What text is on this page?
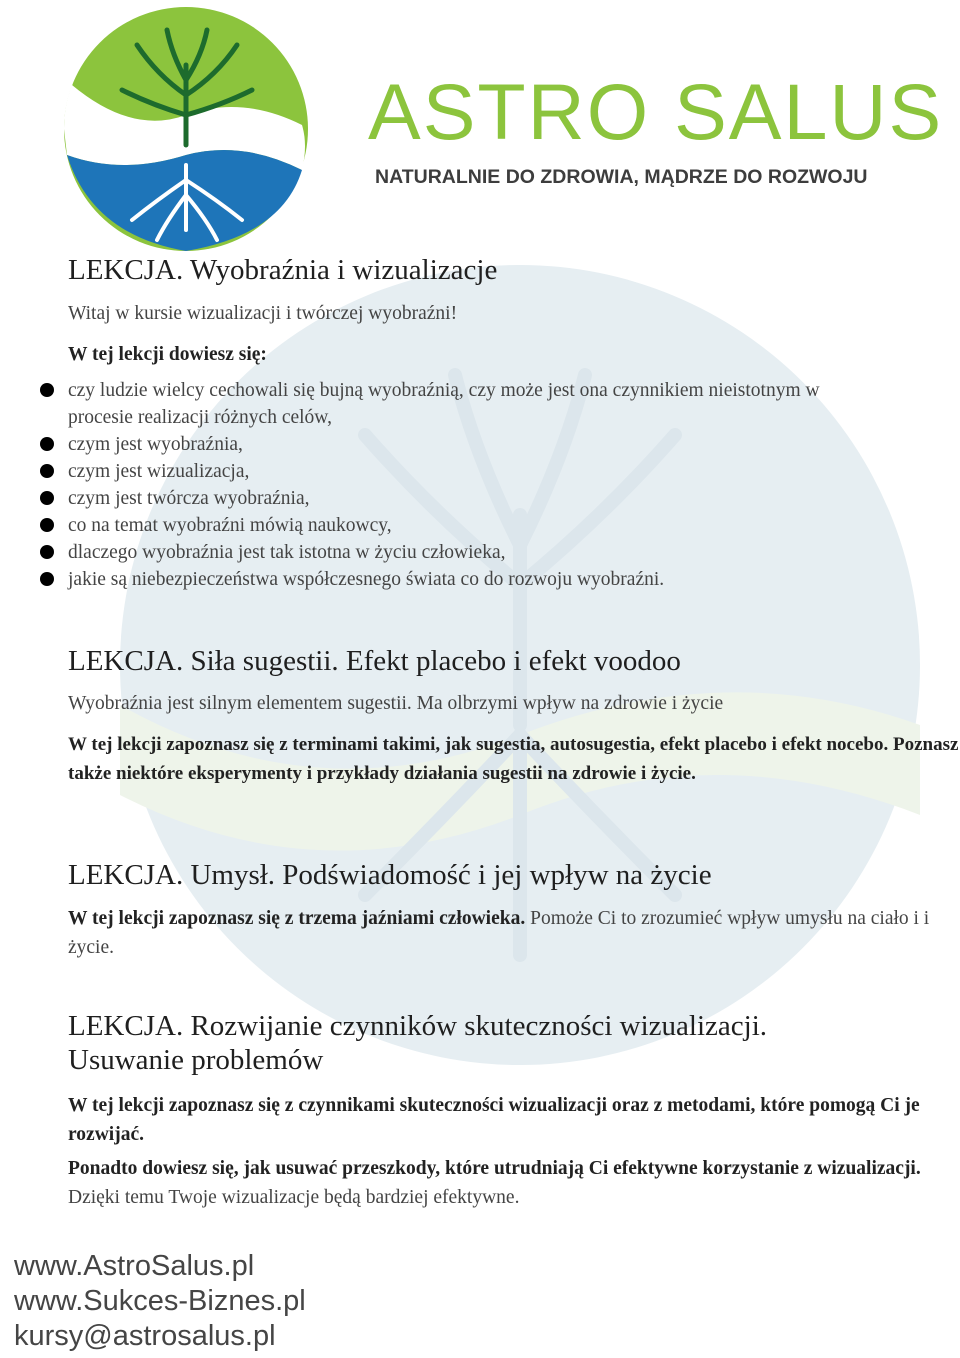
ASTRO SALUS
NATURALNIE DO ZDROWIA, MĄDRZE DO ROZWOJU
LEKCJA. Wyobraźnia i wizualizacje

Witaj w kursie wizualizacji i twórczej wyobraźni!

W tej lekcji dowiesz się:

czy ludzie wielcy cechowali się bujną wyobraźnią, czy może jest ona czynnikiem nieistotnym w procesie realizacji różnych celów,
czym jest wyobraźnia,
czym jest wizualizacja,
czym jest twórcza wyobraźnia,
co na temat wyobraźni mówią naukowcy,
dlaczego wyobraźnia jest tak istotna w życiu człowieka,
jakie są niebezpieczeństwa współczesnego świata co do rozwoju wyobraźni.
LEKCJA. Siła sugestii. Efekt placebo i efekt voodoo

Wyobraźnia jest silnym elementem sugestii. Ma olbrzymi wpływ na zdrowie i życie

W tej lekcji zapoznasz się z terminami takimi, jak sugestia, autosugestia, efekt placebo i efekt nocebo. Poznasz także niektóre eksperymenty i przykłady działania sugestii na zdrowie i życie.

LEKCJA. Umysł. Podświadomość i jej wpływ na życie

W tej lekcji zapoznasz się z trzema jaźniami człowieka. Pomoże Ci to zrozumieć wpływ umysłu na ciało i i życie.

LEKCJA. Rozwijanie czynników skuteczności wizualizacji.
Usuwanie problemów

W tej lekcji zapoznasz się z czynnikami skuteczności wizualizacji oraz z metodami, które pomogą Ci je rozwijać.

Ponadto dowiesz się, jak usuwać przeszkody, które utrudniają Ci efektywne korzystanie z wizualizacji. Dzięki temu Twoje wizualizacje będą bardziej efektywne.

www.AstroSalus.pl
www.Sukces-Biznes.pl
kursy@astrosalus.pl
